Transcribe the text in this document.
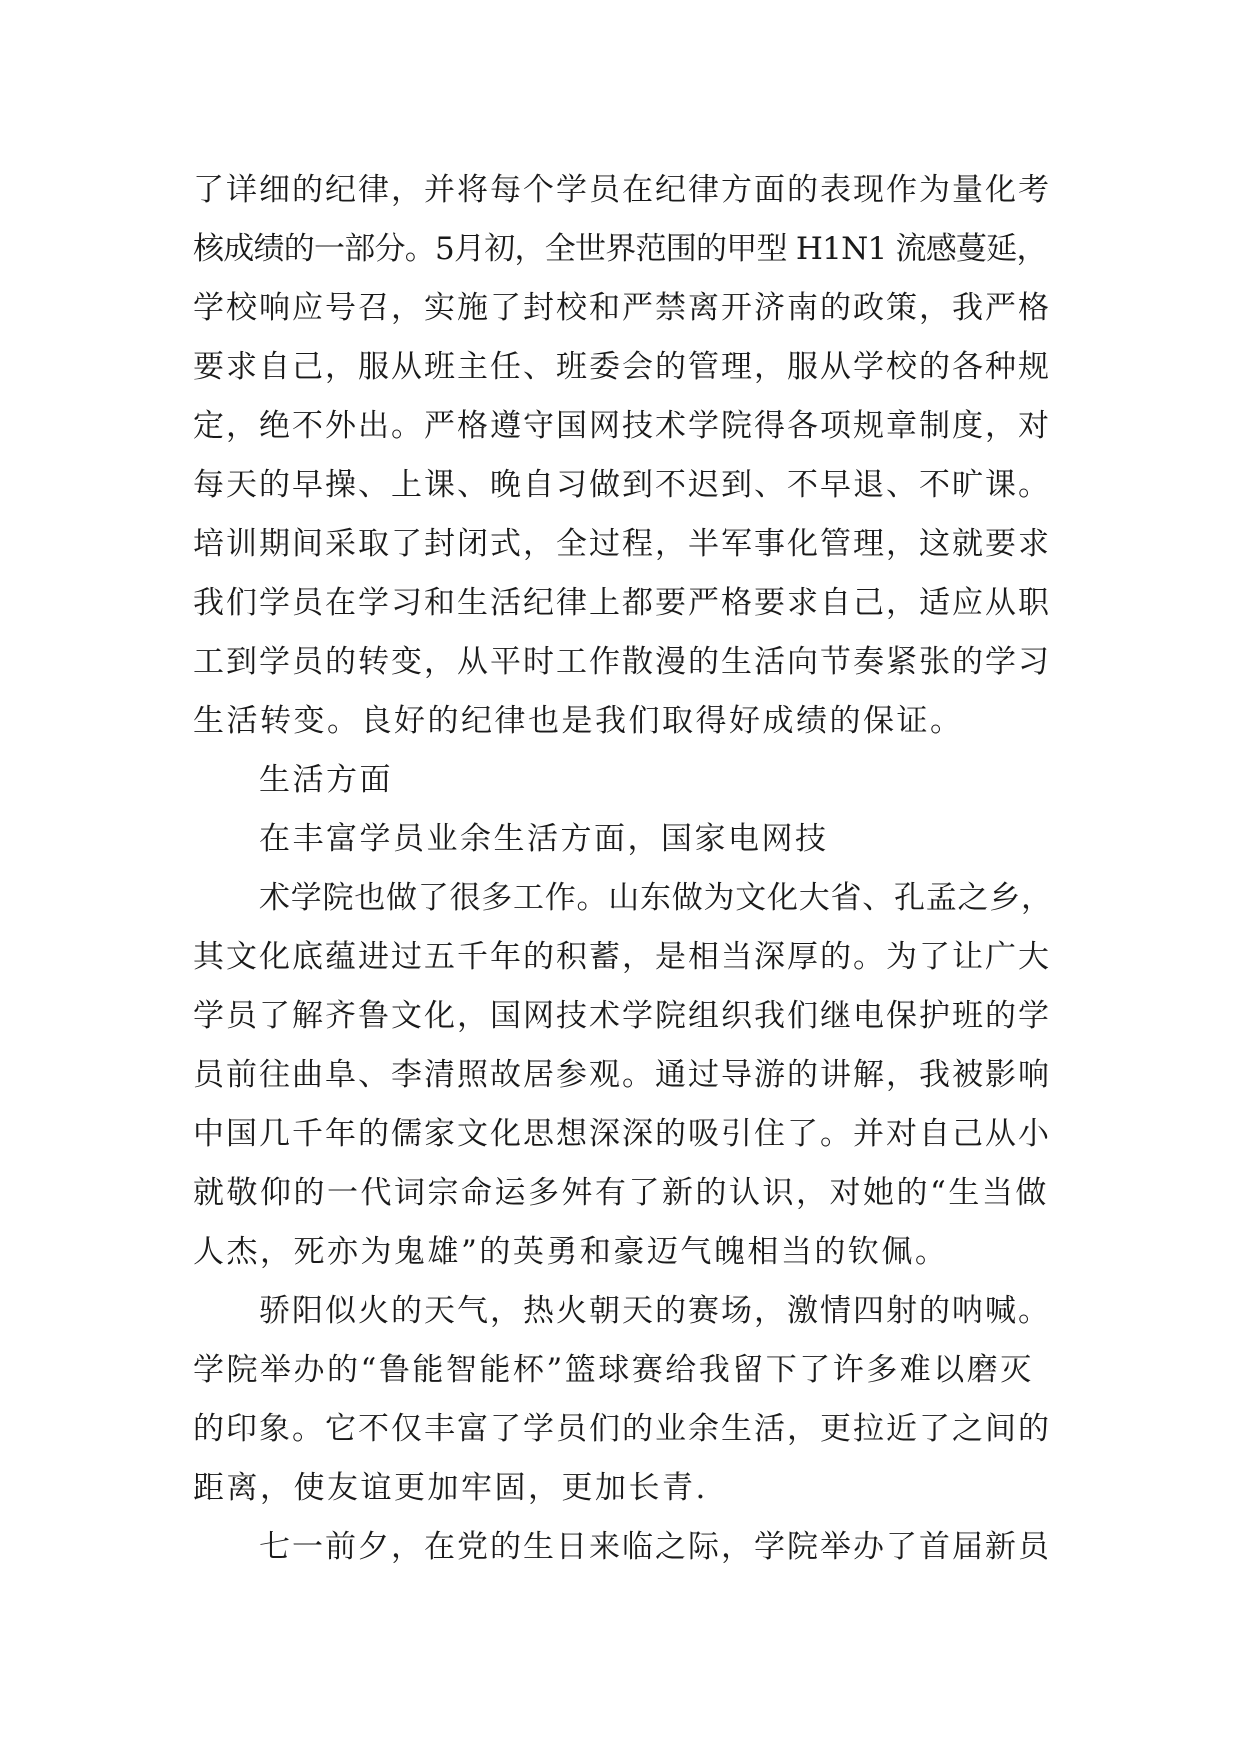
了详细的纪律，并将每个学员在纪律方面的表现作为量化考
核成绩的一部分。5月初，全世界范围的甲型 H1N1 流感蔓延，
学校响应号召，实施了封校和严禁离开济南的政策，我严格
要求自己，服从班主任、班委会的管理，服从学校的各种规
定，绝不外出。严格遵守国网技术学院得各项规章制度，对
每天的早操、上课、晚自习做到不迟到、不早退、不旷课。
培训期间采取了封闭式，全过程，半军事化管理，这就要求
我们学员在学习和生活纪律上都要严格要求自己，适应从职
工到学员的转变，从平时工作散漫的生活向节奏紧张的学习
生活转变。良好的纪律也是我们取得好成绩的保证。
生活方面
在丰富学员业余生活方面，国家电网技
术学院也做了很多工作。山东做为文化大省、孔孟之乡，
其文化底蕴进过五千年的积蓄，是相当深厚的。为了让广大
学员了解齐鲁文化，国网技术学院组织我们继电保护班的学
员前往曲阜、李清照故居参观。通过导游的讲解，我被影响
中国几千年的儒家文化思想深深的吸引住了。并对自己从小
就敬仰的一代词宗命运多舛有了新的认识，对她的“生当做
人杰，死亦为鬼雄”的英勇和豪迈气魄相当的钦佩。
骄阳似火的天气，热火朝天的赛场，激情四射的呐喊。
学院举办的“鲁能智能杯”篮球赛给我留下了许多难以磨灭
的印象。它不仅丰富了学员们的业余生活，更拉近了之间的
距离，使友谊更加牢固，更加长青.
七一前夕，在党的生日来临之际，学院举办了首届新员
